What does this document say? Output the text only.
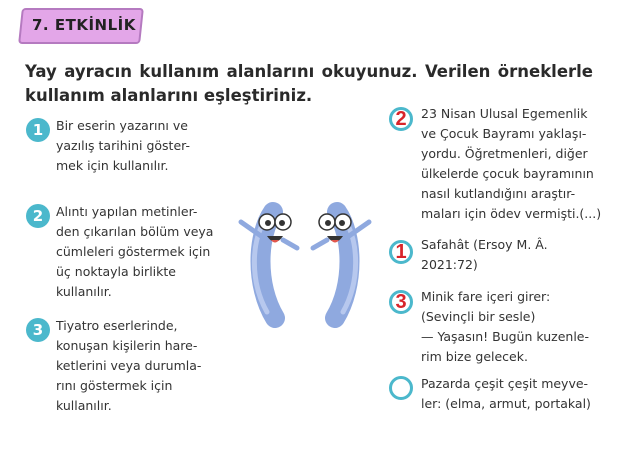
7. ETKİNLİK
Yay ayracın kullanım alanlarını okuyunuz. Verilen örneklerle kullanım alanlarını eşleştiriniz.
1	Bir eserin yazarını ve
yazılış tarihini göster-
mek için kullanılır.
2	Alıntı yapılan metinler-
den çıkarılan bölüm veya
cümleleri göstermek için
üç noktayla birlikte
kullanılır.
3	Tiyatro eserlerinde,
konuşan kişilerin hare-
ketlerini veya durumla-
rını göstermek için
kullanılır.
2 23 Nisan Ulusal Egemenlik
ve Çocuk Bayramı yaklaşı-
yordu. Öğretmenleri, diğer
ülkelerde çocuk bayramının
nasıl kutlandığını araştır-
maları için ödev vermişti.(...)
1 Safahât (Ersoy M. Â.
2021:72)
3 Minik fare içeri girer:
(Sevinçli bir sesle)
— Yaşasın! Bugün kuzenle-
rim bize gelecek.
Pazarda çeşit çeşit meyve-
ler: (elma, armut, portakal)
